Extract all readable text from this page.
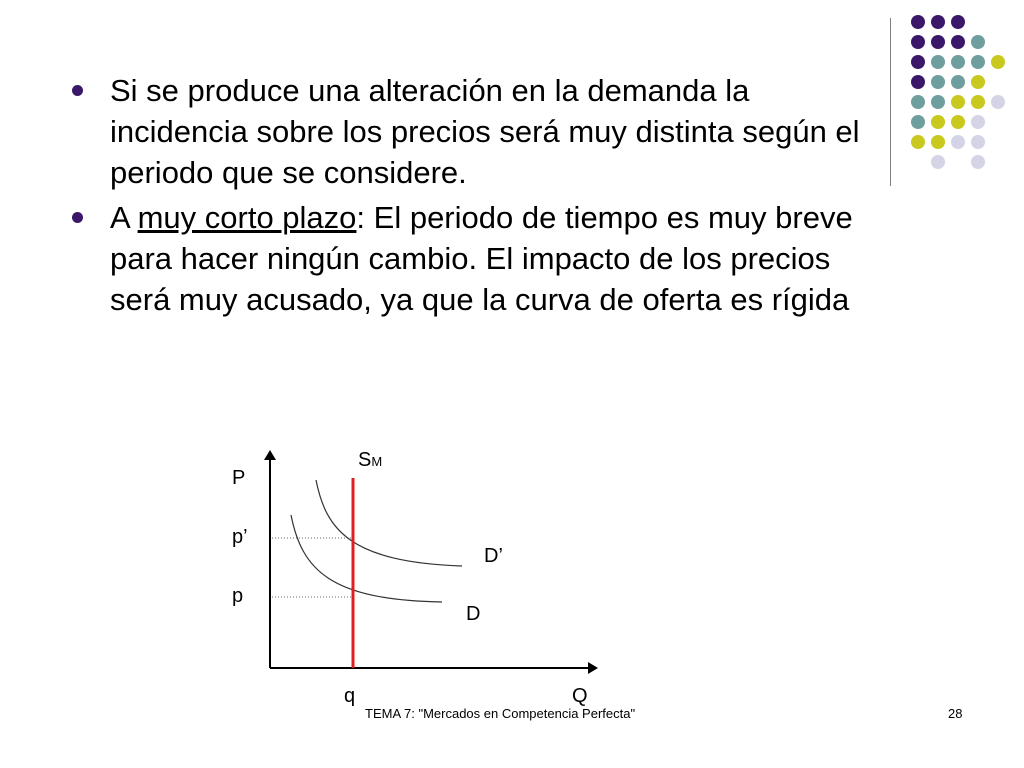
Si se produce una alteración en la demanda la incidencia sobre los precios será muy distinta según el periodo que se considere.
A muy corto plazo: El periodo de tiempo es muy breve para hacer ningún cambio. El impacto de los precios será muy acusado, ya que la curva de oferta es rígida
P
p’
p
q	Q
SM
D’
D
TEMA 7: "Mercados en Competencia Perfecta"	28
